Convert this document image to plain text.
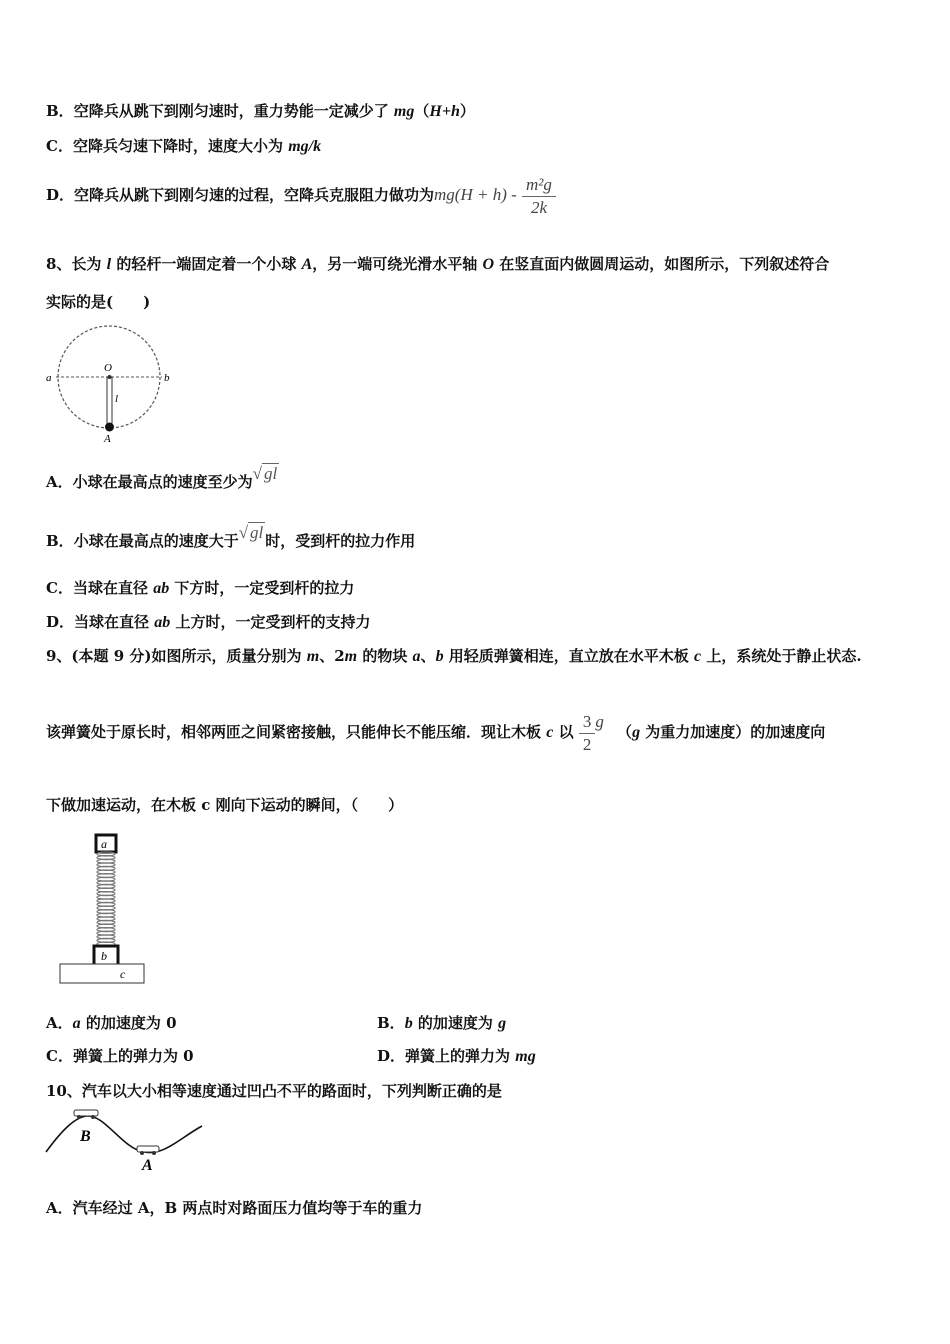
B．空降兵从跳下到刚匀速时，重力势能一定减少了 mg（H+h）
C．空降兵匀速下降时，速度大小为 mg/k
D．空降兵从跳下到刚匀速的过程，空降兵克服阻力做功为$mg(H + h) - \frac{\text{m²g}}{2k}$
8、长为 l 的轻杆一端固定着一个小球 A，另一端可绕光滑水平轴 O 在竖直面内做圆周运动，如图所示，下列叙述符合
实际的是(　　)
a	b
O
l
A
A．小球在最高点的速度至少为√ gl
B．小球在最高点的速度大于√ gl 时，受到杆的拉力作用
C．当球在直径 ab 下方时，一定受到杆的拉力
D．当球在直径 ab 上方时，一定受到杆的支持力
9、(本题 9 分)如图所示，质量分别为 m、2m 的物块 a、b 用轻质弹簧相连，直立放在水平木板 c 上，系统处于静止状态.
该弹簧处于原长时，相邻两匝之间紧密接触，只能伸长不能压缩．现让木板 c 以 $\frac{3}{2}$ g （g 为重力加速度）的加速度向
下做加速运动，在木板 c 刚向下运动的瞬间，（　　）
a
b
c
A．a 的加速度为 0	B．b 的加速度为 g
C．弹簧上的弹力为 0	D．弹簧上的弹力为 mg
10、汽车以大小相等速度通过凹凸不平的路面时，下列判断正确的是
B
A
A．汽车经过 A，B 两点时对路面压力值均等于车的重力
